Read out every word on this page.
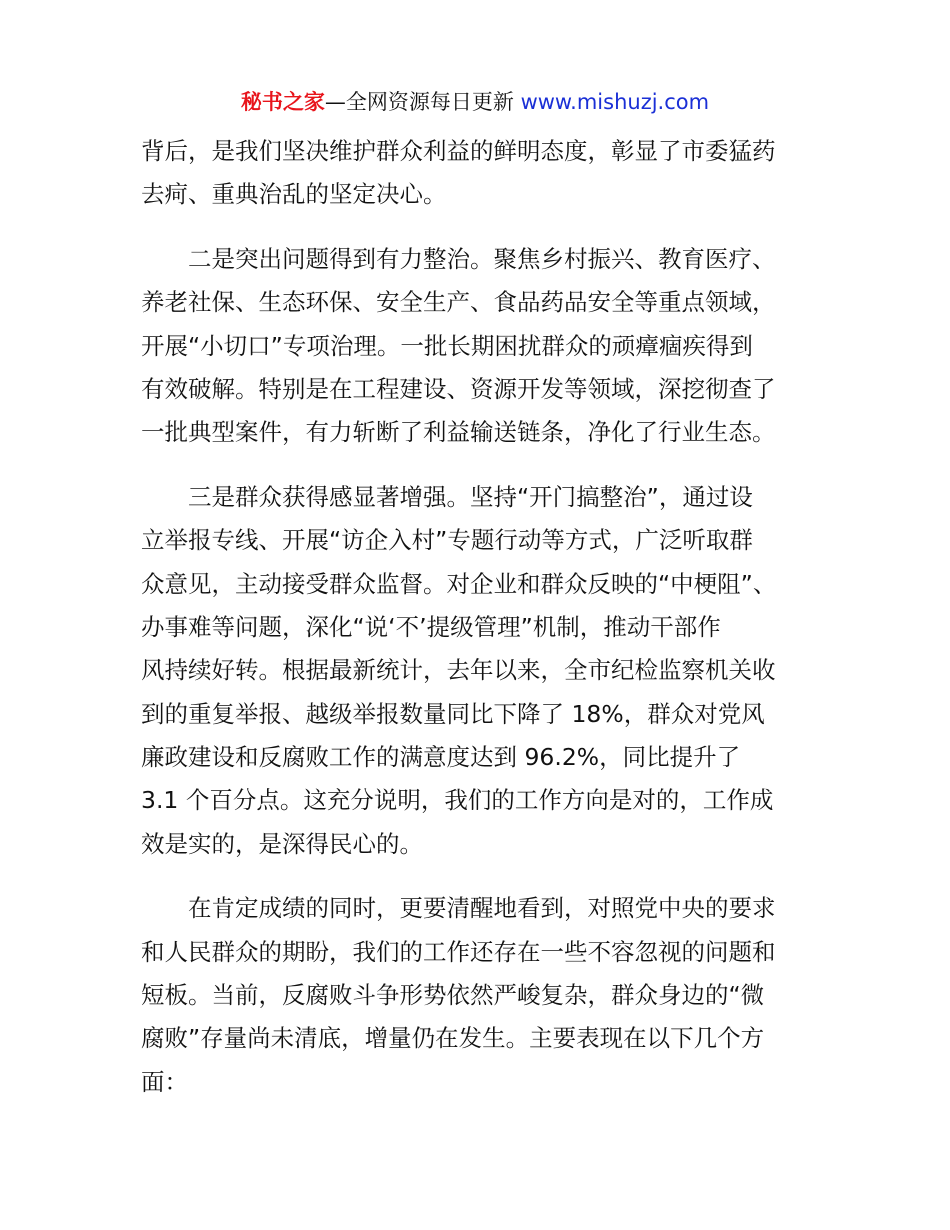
秘书之家—全网资源每日更新 www.mishuzj.com
背后，是我们坚决维护群众利益的鲜明态度，彰显了市委猛药
去疴、重典治乱的坚定决心。
二是突出问题得到有力整治。聚焦乡村振兴、教育医疗、
养老社保、生态环保、安全生产、食品药品安全等重点领域，
开展“小切口”专项治理。一批长期困扰群众的顽瘴痼疾得到
有效破解。特别是在工程建设、资源开发等领域，深挖彻查了
一批典型案件，有力斩断了利益输送链条，净化了行业生态。
三是群众获得感显著增强。坚持“开门搞整治”，通过设
立举报专线、开展“访企入村”专题行动等方式，广泛听取群
众意见，主动接受群众监督。对企业和群众反映的“中梗阻”、
办事难等问题，深化“说‘不’提级管理”机制，推动干部作
风持续好转。根据最新统计，去年以来，全市纪检监察机关收
到的重复举报、越级举报数量同比下降了 18%，群众对党风
廉政建设和反腐败工作的满意度达到 96.2%，同比提升了
3.1 个百分点。这充分说明，我们的工作方向是对的，工作成
效是实的，是深得民心的。
在肯定成绩的同时，更要清醒地看到，对照党中央的要求
和人民群众的期盼，我们的工作还存在一些不容忽视的问题和
短板。当前，反腐败斗争形势依然严峻复杂，群众身边的“微
腐败”存量尚未清底，增量仍在发生。主要表现在以下几个方
面：
